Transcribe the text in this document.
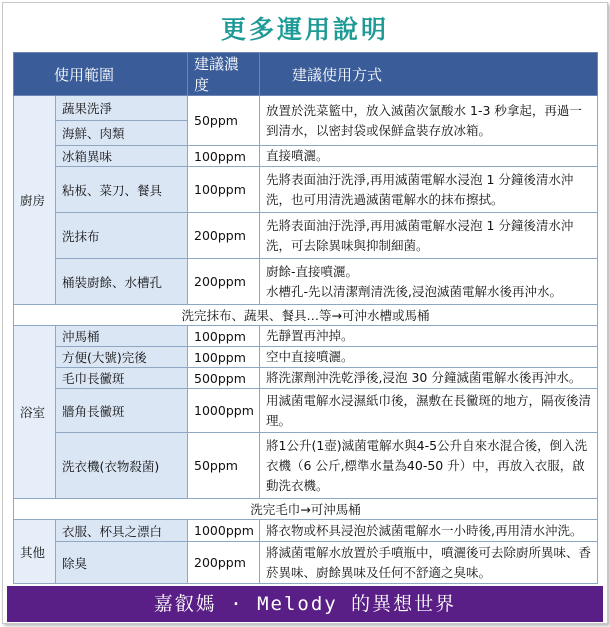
更多運用說明
使用範圍		建議濃度	建議使用方式
廚房	蔬果洗淨	50ppm	放置於洗菜籃中，放入滅菌次氯酸水 1-3 秒拿起，再過一到清水，以密封袋或保鮮盒裝存放冰箱。
	海鮮、肉類		
	冰箱異味	100ppm	直接噴灑。
	粘板、菜刀、餐具	100ppm	先將表面油汙洗淨,再用滅菌電解水浸泡 1 分鐘後清水沖洗，也可用清洗過滅菌電解水的抹布擦拭。
	洗抹布	200ppm	先將表面油汙洗淨,再用滅菌電解水浸泡 1 分鐘後清水沖洗，可去除異味與抑制細菌。
	桶裝廚餘、水槽孔	200ppm	廚餘-直接噴灑。
水槽孔-先以清潔劑清洗後,浸泡滅菌電解水後再沖水。

洗完抹布、蔬果、餐具…等→可沖水槽或馬桶			
浴室	沖馬桶	100ppm	先靜置再沖掉。
	方便(大號)完後	100ppm	空中直接噴灑。
	毛巾長黴斑	500ppm	將洗潔劑沖洗乾淨後,浸泡 30 分鐘滅菌電解水後再沖水。
	牆角長黴斑	1000ppm	用滅菌電解水浸濕紙巾後，濕敷在長黴斑的地方，隔夜後清理。
	洗衣機(衣物殺菌)	50ppm	將1公升(1壺)滅菌電解水與4-5公升自來水混合後，倒入洗衣機（6 公斤,標準水量為40-50 升）中，再放入衣服，啟動洗衣機。
洗完毛巾→可沖馬桶			
其他	衣服、杯具之漂白	1000ppm	將衣物或杯具浸泡於滅菌電解水一小時後,再用清水沖洗。
	除臭	200ppm	將滅菌電解水放置於手噴瓶中，噴灑後可去除廚所異味、香菸異味、廚餘異味及任何不舒適之臭味。
嘉叡媽 · Melody 的異想世界
